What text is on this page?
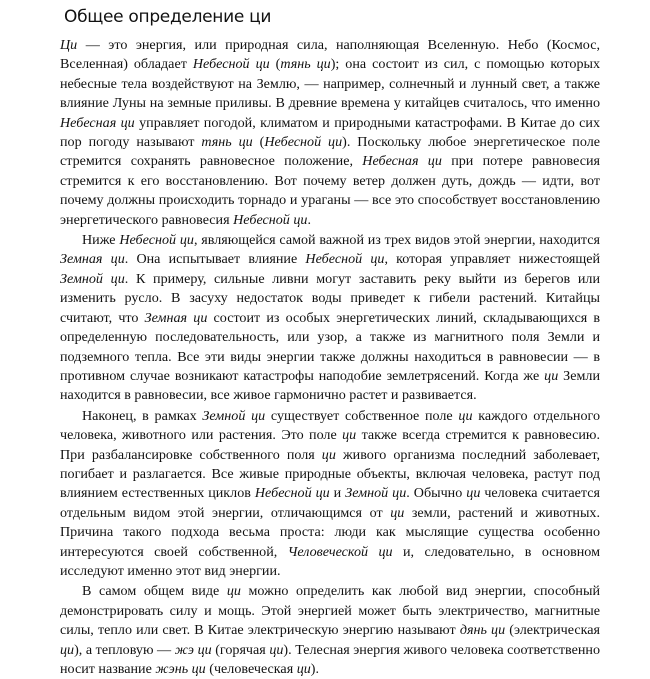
Общее определение ци

Ци — это энергия, или природная сила, наполняющая Вселенную. Небо (Космос, Вселенная) обладает Небесной ци (тянь ци); она состоит из сил, с помощью которых небесные тела воздействуют на Землю, — например, солнечный и лунный свет, а также влияние Луны на земные приливы. В древние времена у китайцев считалось, что именно Небесная ци управляет погодой, климатом и природными катастрофами. В Китае до сих пор погоду называют тянь ци (Небесной ци). Поскольку любое энергетическое поле стремится сохранять равновесное положение, Небесная ци при потере равновесия стремится к его восстановлению. Вот почему ветер должен дуть, дождь — идти, вот почему должны происходить торнадо и ураганы — все это способствует восстановлению энергетического равновесия Небесной ци.

Ниже Небесной ци, являющейся самой важной из трех видов этой энергии, находится Земная ци. Она испытывает влияние Небесной ци, которая управляет нижестоящей Земной ци. К примеру, сильные ливни могут заставить реку выйти из берегов или изменить русло. В засуху недостаток воды приведет к гибели растений. Китайцы считают, что Земная ци состоит из особых энергетических линий, складывающихся в определенную последовательность, или узор, а также из магнитного поля Земли и подземного тепла. Все эти виды энергии также должны находиться в равновесии — в противном случае возникают катастрофы наподобие землетрясений. Когда же ци Земли находится в равновесии, все живое гармонично растет и развивается.

Наконец, в рамках Земной ци существует собственное поле ци каждого отдельного человека, животного или растения. Это поле ци также всегда стремится к равновесию. При разбалансировке собственного поля ци живого организма последний заболевает, погибает и разлагается. Все живые природные объекты, включая человека, растут под влиянием естественных циклов Небесной ци и Земной ци. Обычно ци человека считается отдельным видом этой энергии, отличающимся от ци земли, растений и животных. Причина такого подхода весьма проста: люди как мыслящие существа особенно интересуются своей собственной, Человеческой ци и, следовательно, в основном исследуют именно этот вид энергии.

В самом общем виде ци можно определить как любой вид энергии, способный демонстрировать силу и мощь. Этой энергией может быть электричество, магнитные силы, тепло или свет. В Китае электрическую энергию называют дянь ци (электрическая ци), а тепловую — жэ ци (горячая ци). Телесная энергия живого человека соответственно носит название жэнь ци (человеческая ци).
